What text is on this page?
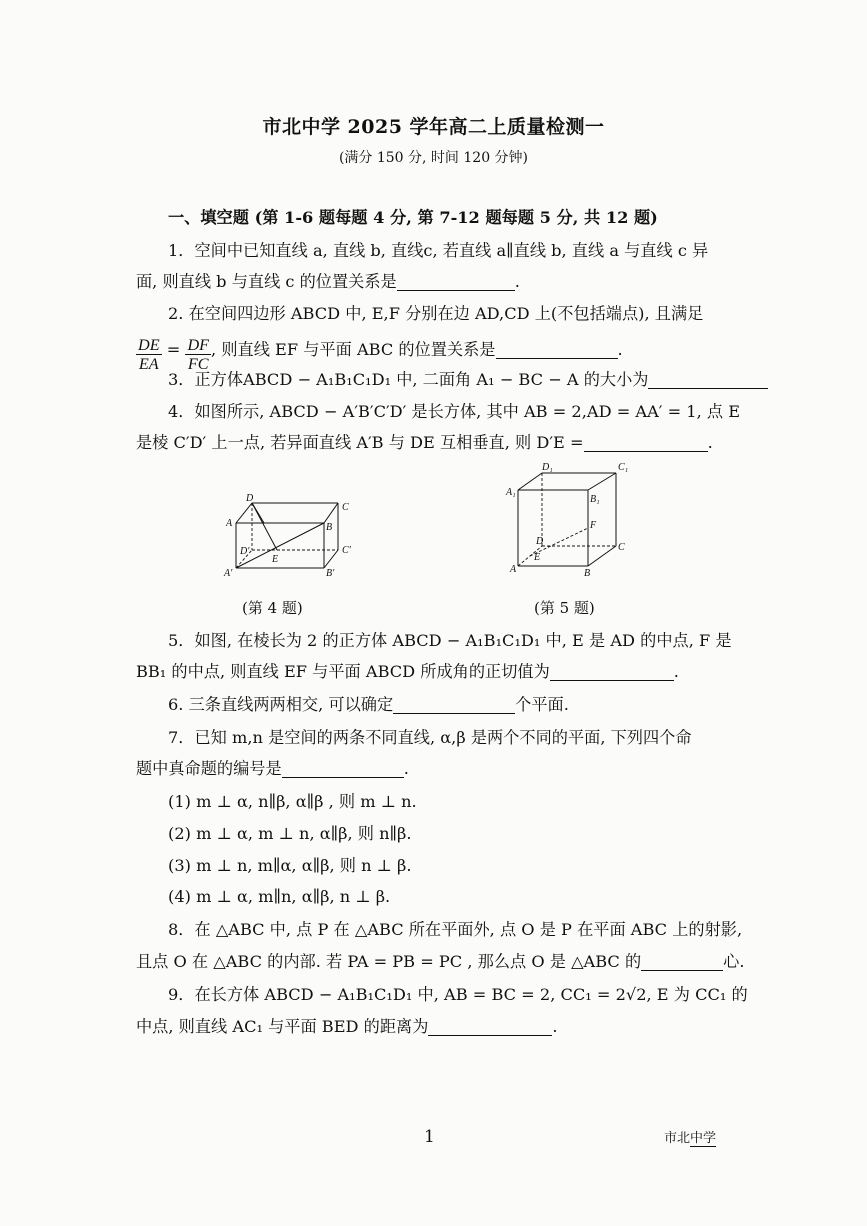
市北中学 2025 学年高二上质量检测一
(满分 150 分, 时间 120 分钟)
一、填空题 (第 1-6 题每题 4 分, 第 7-12 题每题 5 分, 共 12 题)
1．空间中已知直线 a, 直线 b, 直线c, 若直线 a∥直线 b, 直线 a 与直线 c 异
面, 则直线 b 与直线 c 的位置关系是	.
2. 在空间四边形 ABCD 中, E,F 分别在边 AD,CD 上(不包括端点), 且满足
$\frac{DE}{EA} = \frac{DF}{FC}$ , 则直线 EF 与平面 ABC 的位置关系是	.
3．正方体ABCD − A₁B₁C₁D₁ 中, 二面角 A₁ − BC − A 的大小为
4．如图所示, ABCD − A′B′C′D′ 是长方体, 其中 AB = 2,AD = AA′ = 1, 点 E
是棱 C′D′ 上一点, 若异面直线 A′B 与 DE 互相垂直, 则 D′E =	.
D
C
A	B
D′
E
C′
A′	B′
D₁	C₁
A₁
B₁
F
D
C
A
E
B
(第 4 题)	(第 5 题)
5．如图, 在棱长为 2 的正方体 ABCD − A₁B₁C₁D₁ 中, E 是 AD 的中点, F 是
BB₁ 的中点, 则直线 EF 与平面 ABCD 所成角的正切值为	.
6. 三条直线两两相交, 可以确定	个平面.
7．已知 m,n 是空间的两条不同直线, α,β 是两个不同的平面, 下列四个命
题中真命题的编号是	.
(1) m ⊥ α, n∥β, α∥β , 则 m ⊥ n.
(2) m ⊥ α, m ⊥ n, α∥β, 则 n∥β.
(3) m ⊥ n, m∥α, α∥β, 则 n ⊥ β.
(4) m ⊥ α, m∥n, α∥β, n ⊥ β.
8．在 △ABC 中, 点 P 在 △ABC 所在平面外, 点 O 是 P 在平面 ABC 上的射影,
且点 O 在 △ABC 的内部. 若 PA = PB = PC , 那么点 O 是 △ABC 的	心.
9．在长方体 ABCD − A₁B₁C₁D₁ 中, AB = BC = 2, CC₁ = 2√2, E 为 CC₁ 的
中点, 则直线 AC₁ 与平面 BED 的距离为	.
1	市北中学
